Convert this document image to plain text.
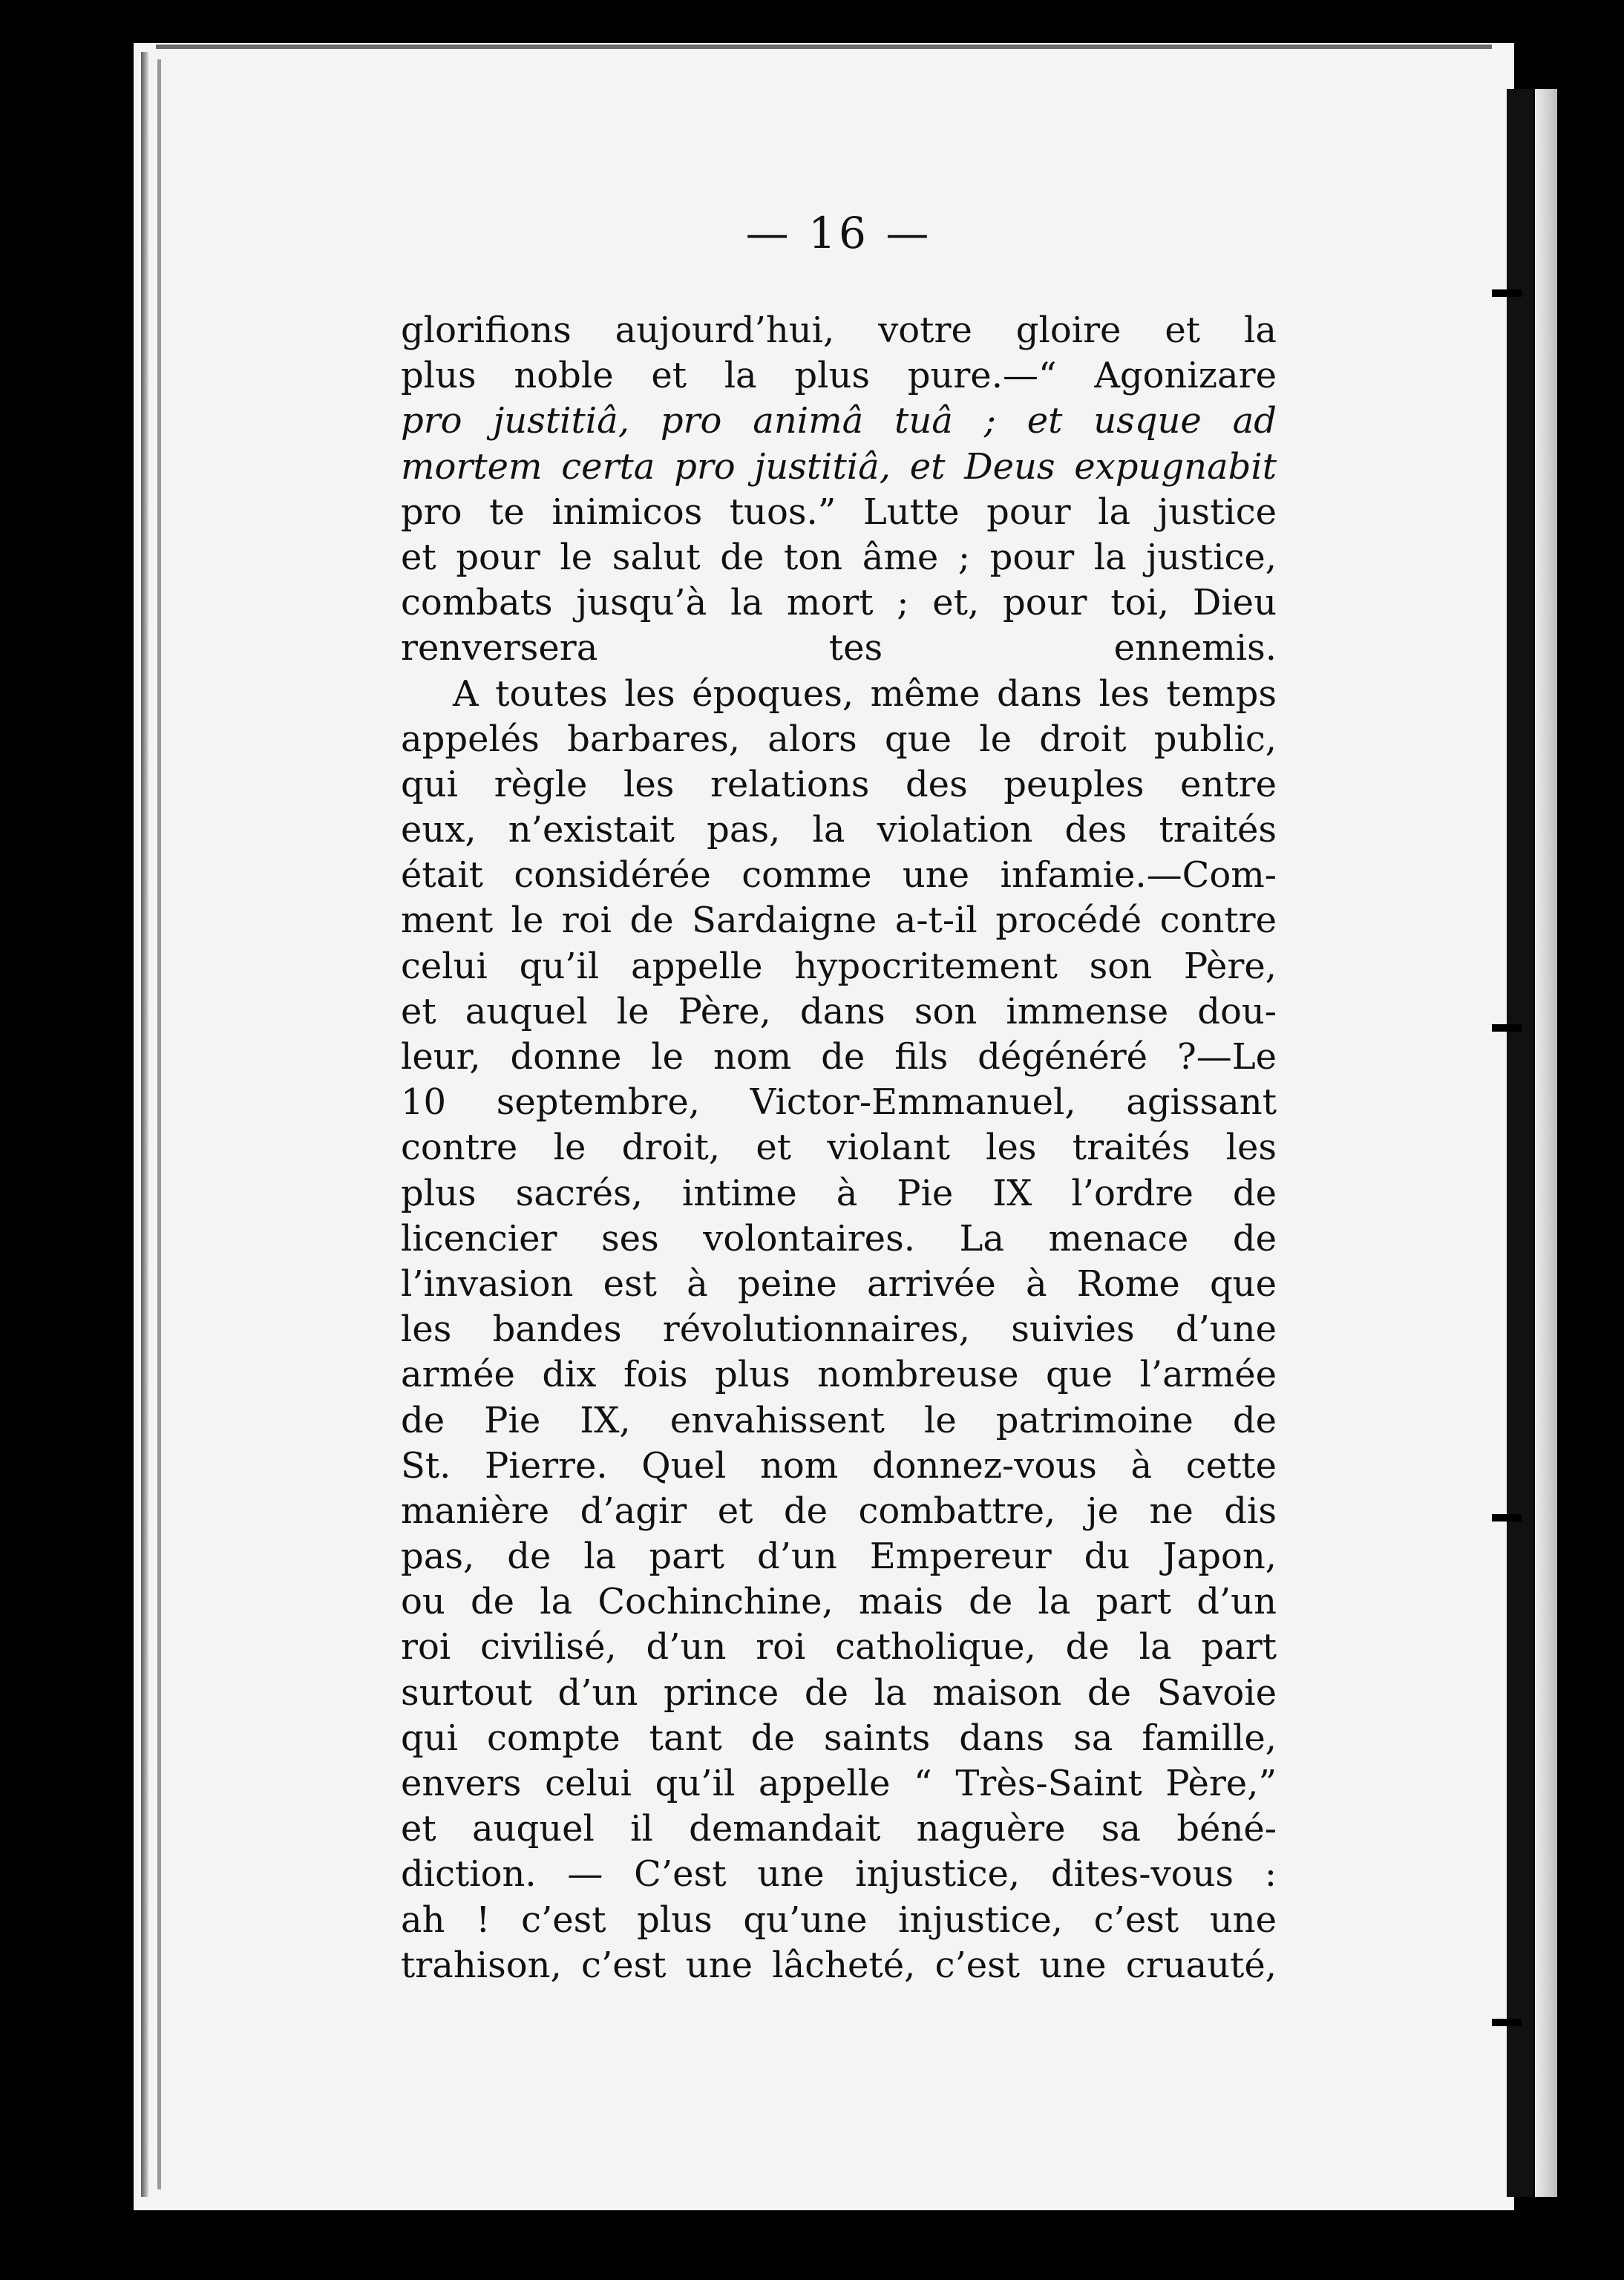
— 16 —
glorifions aujourd’hui, votre gloire et la
plus noble et la plus pure.—“ Agonizare
pro justitiâ, pro animâ tuâ ; et usque ad
mortem certa pro justitiâ, et Deus expugnabit
pro te inimicos tuos.” Lutte pour la justice
et pour le salut de ton âme ; pour la justice,
combats jusqu’à la mort ; et, pour toi, Dieu
renversera tes ennemis.
A toutes les époques, même dans les temps
appelés barbares, alors que le droit public,
qui règle les relations des peuples entre
eux, n’existait pas, la violation des traités
était considérée comme une infamie.—Com-
ment le roi de Sardaigne a-t-il procédé contre
celui qu’il appelle hypocritement son Père,
et auquel le Père, dans son immense dou-
leur, donne le nom de fils dégénéré ?—Le
10 septembre, Victor-Emmanuel, agissant
contre le droit, et violant les traités les
plus sacrés, intime à Pie IX l’ordre de
licencier ses volontaires. La menace de
l’invasion est à peine arrivée à Rome que
les bandes révolutionnaires, suivies d’une
armée dix fois plus nombreuse que l’armée
de Pie IX, envahissent le patrimoine de
St. Pierre. Quel nom donnez-vous à cette
manière d’agir et de combattre, je ne dis
pas, de la part d’un Empereur du Japon,
ou de la Cochinchine, mais de la part d’un
roi civilisé, d’un roi catholique, de la part
surtout d’un prince de la maison de Savoie
qui compte tant de saints dans sa famille,
envers celui qu’il appelle “ Très-Saint Père,”
et auquel il demandait naguère sa béné-
diction. — C’est une injustice, dites-vous :
ah ! c’est plus qu’une injustice, c’est une
trahison, c’est une lâcheté, c’est une cruauté,
